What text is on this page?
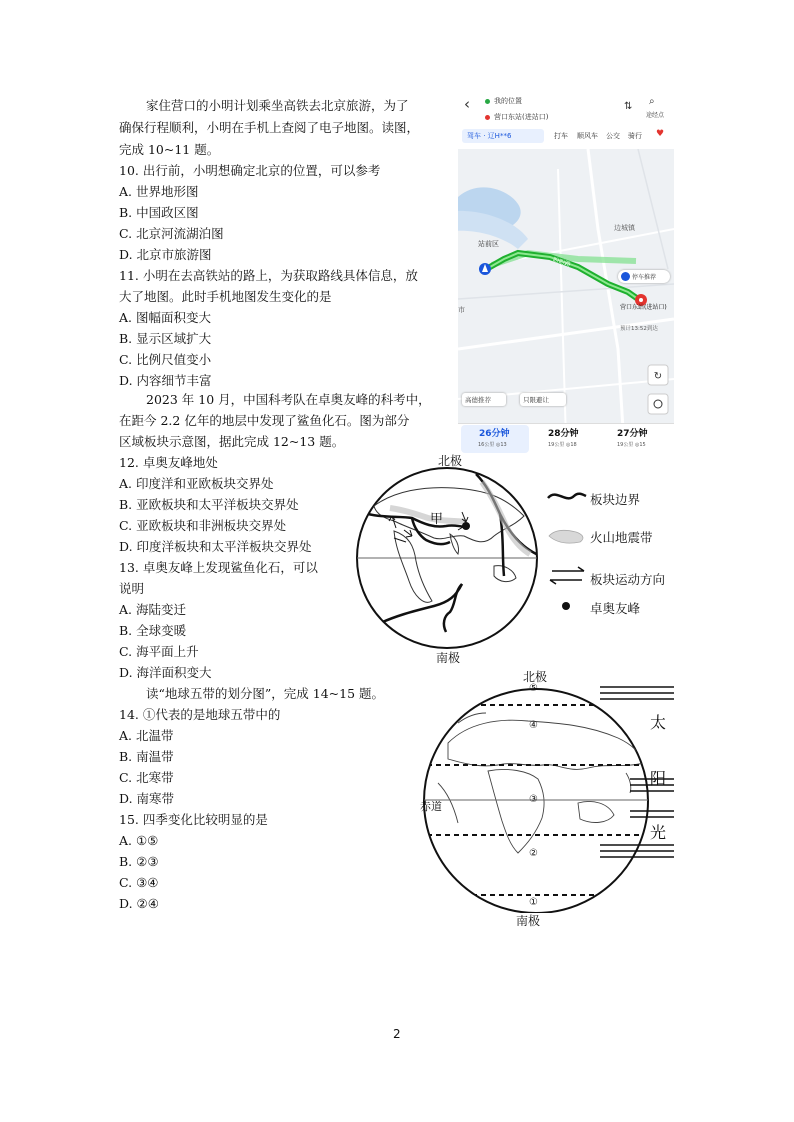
家住营口的小明计划乘坐高铁去北京旅游，为了
确保行程顺利，小明在手机上查阅了电子地图。读图，
完成 10~11 题。
10. 出行前，小明想确定北京的位置，可以参考
A. 世界地形图
B. 中国政区图
C. 北京河流湖泊图
D. 北京市旅游图
11. 小明在去高铁站的路上，为获取路线具体信息，放
大了地图。此时手机地图发生变化的是
A. 图幅面积变大
B. 显示区域扩大
C. 比例尺值变小
D. 内容细节丰富
2023 年 10 月，中国科考队在卓奥友峰的科考中，
在距今 2.2 亿年的地层中发现了鲨鱼化石。图为部分
区域板块示意图，据此完成 12~13 题。
12. 卓奥友峰地处
A. 印度洋和亚欧板块交界处
B. 亚欧板块和太平洋板块交界处
C. 亚欧板块和非洲板块交界处
D. 印度洋板块和太平洋板块交界处
13. 卓奥友峰上发现鲨鱼化石，可以
说明
A. 海陆变迁
B. 全球变暖
C. 海平面上升
D. 海洋面积变大
读“地球五带的划分图”，完成 14~15 题。
14. ①代表的是地球五带中的
A. 北温带
B. 南温带
C. 北寒带
D. 南寒带
15. 四季变化比较明显的是
A. ①⑤
B. ②③
C. ③④
D. ②④
2
‹	我的位置
营口东站(进站口)
⇅ ⌕
途经点
驾车 · 辽H**6	打车 顺风车 公交 骑行 ♥
↻
站前区
盼盼路
边城镇
市
停车推荐
营口东站(进站口)
预计13:52到达
高德推荐	只限避让
26分钟
16公里 ◎13
28分钟
19公里 ◎18
27分钟
19公里 ◎15
北极
甲
南极
板块边界
火山地震带
板块运动方向
卓奥友峰
北极
⑤
④
③
②
①
赤道
南极
太
阳
光
